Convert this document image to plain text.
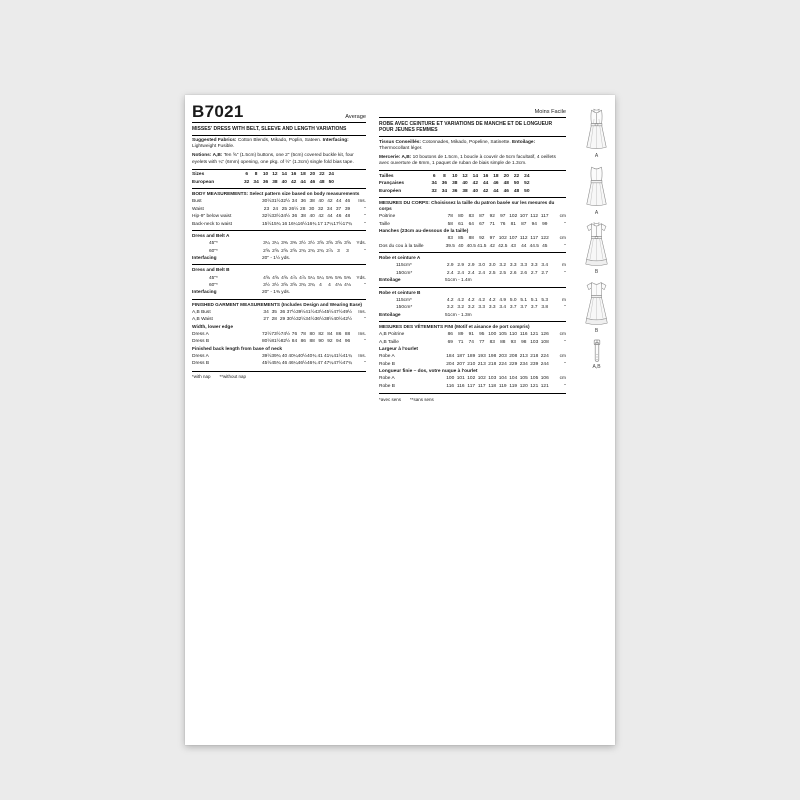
B7021	Average
MISSES' DRESS WITH BELT, SLEEVE AND LENGTH VARIATIONS
Suggested Fabrics: Cotton Blends, Mikado, Poplin, Sateen. Interfacing: Lightweight Fusible.
Notions: A,B: Ten ⅝" (1.5cm) buttons, one 2" (5cm) covered buckle kit, four eyelets with ¼" (6mm) opening, one pkg. of ½" (1.3cm) single fold bias tape.
Sizes	6	8	10 12 14 16 18 20 22 24
European	32 34 36 38 40 42 44 46 48 50
BODY MEASUREMENTS: Select pattern size based on body measurements
Bust	30½ 31½ 32½ 34 36 38 40 42 44 46	Ins.
Waist	23 24 25 26½ 28 30 32 34 37 39	"
Hip-9" below waist	32½ 33½ 34½ 36 38 40 42 44 46 48	"
Back-neck to waist	15½ 15¾ 16 16¼ 16½ 16¾ 17 17¼ 17½ 17¾	"
Dress and Belt A
45"*	3¼ 3¼ 3⅜ 3⅜ 3½ 3½ 3⅝ 3⅝ 3⅝ 3⅝	Yds.
60"*	2⅝ 2⅝ 2⅝ 2⅝ 2¾ 2¾ 2¾ 2⅞ 3	3	"
Interfacing	20" - 1½ yds.
Dress and Belt B
45"*	4⅝ 4⅝ 4⅝ 4⅞ 4⅞ 5¼ 5¼ 5⅜ 5⅜ 5⅜	Yds.
60"*	3½ 3½ 3⅝ 3⅝ 3¾ 3¾ 4	4 4⅛ 4⅛	"
Interfacing	20" - 1⅜ yds.
FINISHED GARMENT MEASUREMENTS (Includes Design and Wearing Ease)
A,B Bust	34 35 36 37½ 39½ 41½ 43½ 45½ 47½ 49½	Ins.
A,B Waist	27 28 29 30½ 32½ 34½ 36½ 38½ 40½ 42½	"
Width, lower edge
Dress A	72½ 73½ 74½ 76 78 80 82 84 86 88	Ins.
Dress B	80½ 81½ 82½ 84 86 88 90 92 94 96	"
Finished back length from base of neck
Dress A	39½ 39¾ 40 40¼ 40½ 40¾ 41 41¼ 41½ 41¾	Ins.
Dress B	45½ 45¾ 46 46¼ 46½ 46¾ 47 47¼ 47½ 47¾	"
*with nap **without nap
Moins Facile
ROBE AVEC CEINTURE ET VARIATIONS DE MANCHE ET DE LONGUEUR POUR JEUNES FEMMES
Tissus Conseillés: Cotonnades, Mikado, Popeline, Satinette. Entoilage: Thermocollant léger.
Mercerie: A,B: 10 boutons de 1.5cm, 1 boucle à couvrir de 5cm facultatif, 4 oeillets avec ouverture de 6mm, 1 paquet de ruban de biais simple de 1.3cm.
Tailles	6	8	10	12	14	16	18	20	22	24
Françaises	34	36	38	40	42	44	46	48	50	52
Européen	32	34	36	38	40	42	44	46	48	50
MESURES DU CORPS: Choisissez la taille du patron basée sur les mesures du corps
Poitrine	78	80	83	87	92	97 102 107 112 117	cm
Taille	58	61	64	67	71	76	81	87	94	99	"
Hanches (23cm au-dessous de la taille)
83	85	88	92	97 102 107 112 117 122	cm
Dos du cou à la taille	39.5 40 40.5 41.5 42 42.5 43	44 44.5 45	"
Robe et ceinture A
115cm*	2.9 2.9 2.9 3.0 3.0 3.2 3.3 3.3 3.3 3.4	m
150cm*	2.4 2.4 2.4 2.4 2.5 2.5 2.6 2.6 2.7 2.7	"
Entoilage	51cm - 1.4m
Robe et ceinture B
115cm*	4.2 4.2 4.2 4.2 4.2 4.9 5.0 5.1 5.1 5.3	m
150cm*	3.2 3.2 3.2 3.3 3.3 3.4 3.7 3.7 3.7 3.8	"
Entoilage	51cm - 1.3m
MESURES DES VÊTEMENTS FINI (Motif et aisance de port compris)
A,B Poitrine	86	89	91	95 100 105 110 116 121 126	cm
A,B Taille	69	71	74	77	83	88	93	98 103 108	"
Largeur à l'ourlet
Robe A	184 187 189 193 198 203 208 213 218 224	cm
Robe B	204 207 210 213 218 224 229 234 239 244	"
Longueur finie – dos, votre nuque à l'ourlet
Robe A	100 101 102 102 103 104 104 105 105 106	cm
Robe B	116 116 117 117 118 119 119 120 121 121	"
*avec sens **sans sens
A
A
B
B
A,B
